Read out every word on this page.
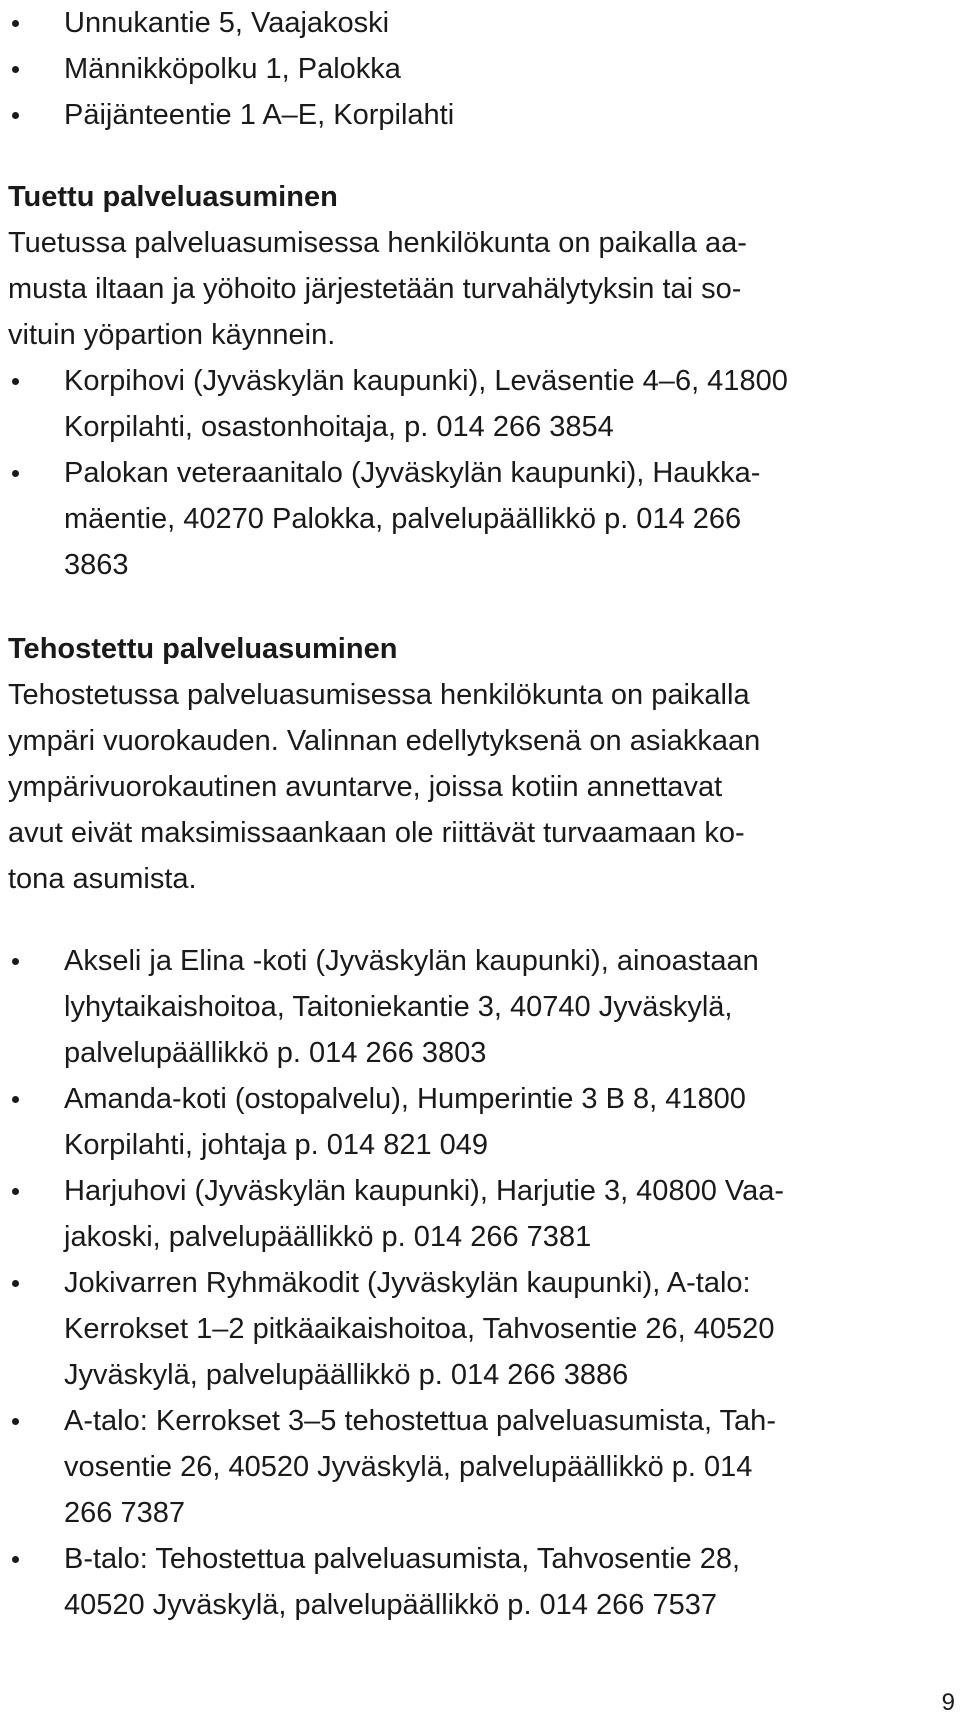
Unnukantie 5, Vaajakoski
Männikköpolku 1, Palokka
Päijänteentie 1 A–E, Korpilahti
Tuettu palveluasuminen
Tuetussa palveluasumisessa henkilökunta on paikalla aa-
musta iltaan ja yöhoito järjestetään turvahälytyksin tai so-
vituin yöpartion käynnein.
Korpihovi (Jyväskylän kaupunki), Leväsentie 4–6, 41800
Korpilahti, osastonhoitaja, p. 014 266 3854
Palokan veteraanitalo (Jyväskylän kaupunki), Haukka-
mäentie, 40270 Palokka, palvelupäällikkö p. 014 266
3863
Tehostettu palveluasuminen
Tehostetussa palveluasumisessa henkilökunta on paikalla
ympäri vuorokauden. Valinnan edellytyksenä on asiakkaan
ympärivuorokautinen avuntarve, joissa kotiin annettavat
avut eivät maksimissaankaan ole riittävät turvaamaan ko-
tona asumista.
Akseli ja Elina -koti (Jyväskylän kaupunki), ainoastaan
lyhytaikaishoitoa, Taitoniekantie 3, 40740 Jyväskylä,
palvelupäällikkö p. 014 266 3803
Amanda-koti (ostopalvelu), Humperintie 3 B 8, 41800
Korpilahti, johtaja p. 014 821 049
Harjuhovi (Jyväskylän kaupunki), Harjutie 3, 40800 Vaa-
jakoski, palvelupäällikkö p. 014 266 7381
Jokivarren Ryhmäkodit (Jyväskylän kaupunki), A-talo:
Kerrokset 1–2 pitkäaikaishoitoa, Tahvosentie 26, 40520
Jyväskylä, palvelupäällikkö p. 014 266 3886
A-talo: Kerrokset 3–5 tehostettua palveluasumista, Tah-
vosentie 26, 40520 Jyväskylä, palvelupäällikkö p. 014
266 7387
B-talo: Tehostettua palveluasumista, Tahvosentie 28,
40520 Jyväskylä, palvelupäällikkö p. 014 266 7537
9
